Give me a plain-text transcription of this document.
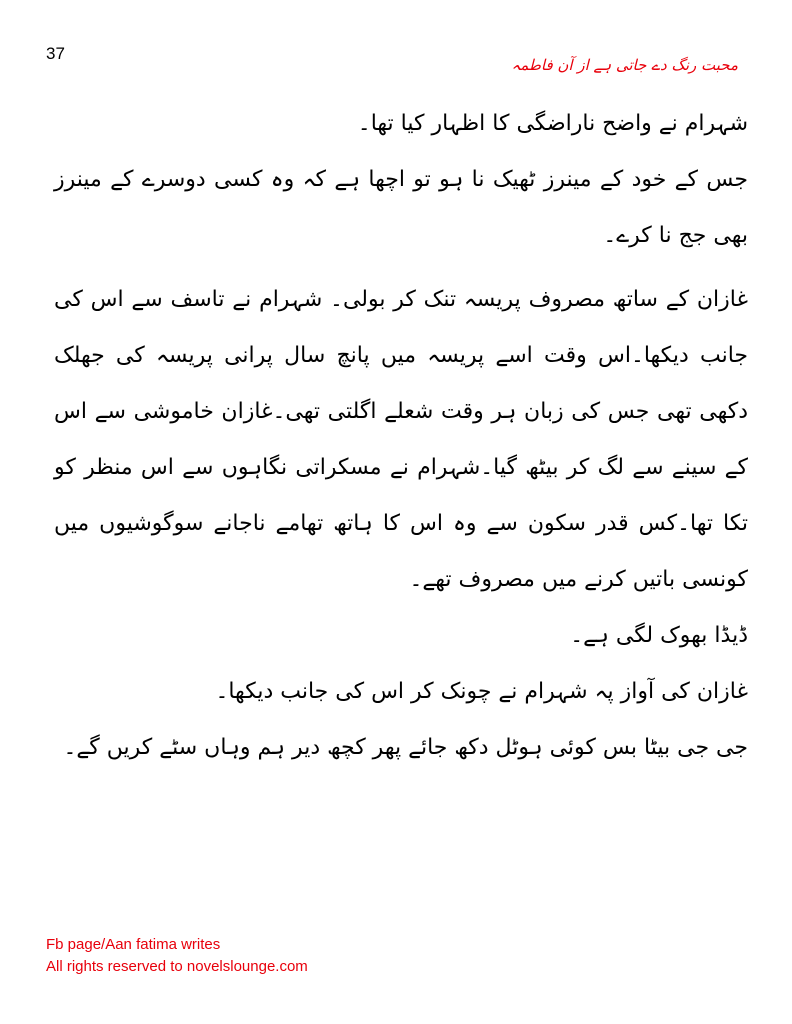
37
محبت رنگ دے جاتی ہے از آن فاطمہ

شہرام نے واضح ناراضگی کا اظہار کیا تھا۔

جس کے خود کے مینرز ٹھیک نا ہو تو اچھا ہے کہ وہ کسی دوسرے کے مینرز بھی جج نا کرے۔

غازان کے ساتھ مصروف پریسہ تنک کر بولی۔ شہرام نے تاسف سے اس کی جانب دیکھا۔اس وقت اسے پریسہ میں پانچ سال پرانی پریسہ کی جھلک دکھی تھی جس کی زبان ہر وقت شعلے اگلتی تھی۔غازان خاموشی سے اس کے سینے سے لگ کر بیٹھ گیا۔شہرام نے مسکراتی نگاہوں سے اس منظر کو تکا تھا۔کس قدر سکون سے وہ اس کا ہاتھ تھامے ناجانے سوگوشیوں میں کونسی باتیں کرنے میں مصروف تھے۔

ڈیڈا بھوک لگی ہے۔

غازان کی آواز پہ شہرام نے چونک کر اس کی جانب دیکھا۔

جی جی بیٹا بس کوئی ہوٹل دکھ جائے پھر کچھ دیر ہم وہاں سٹے کریں گے۔

Fb page/Aan fatima writes
All rights reserved to novelslounge.com
